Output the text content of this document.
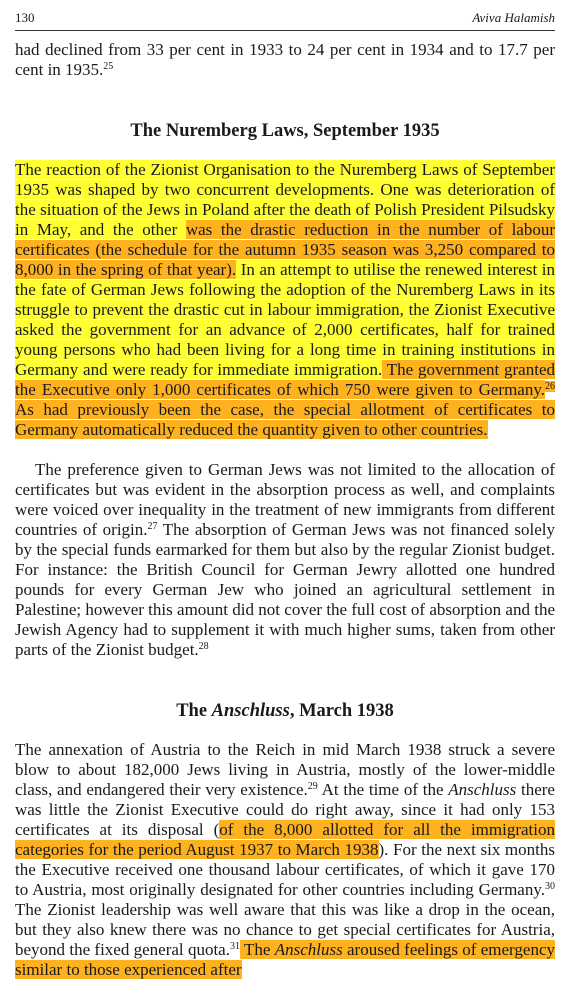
130	Aviva Halamish

had declined from 33 per cent in 1933 to 24 per cent in 1934 and to 17.7 per cent in 1935.25

The Nuremberg Laws, September 1935

The reaction of the Zionist Organisation to the Nuremberg Laws of September 1935 was shaped by two concurrent developments. One was deterioration of the situation of the Jews in Poland after the death of Polish President Pilsudsky in May, and the other was the drastic reduction in the number of labour certificates (the schedule for the autumn 1935 season was 3,250 compared to 8,000 in the spring of that year). In an attempt to utilise the renewed interest in the fate of German Jews following the adoption of the Nuremberg Laws in its struggle to prevent the drastic cut in labour immigration, the Zionist Executive asked the government for an advance of 2,000 certificates, half for trained young persons who had been living for a long time in training institutions in Germany and were ready for immediate immigration. The government granted the Executive only 1,000 certificates of which 750 were given to Germany.$^{26}$ As had previously been the case, the special allotment of certificates to Germany automatically reduced the quantity given to other countries.

The preference given to German Jews was not limited to the allocation of certificates but was evident in the absorption process as well, and complaints were voiced over inequality in the treatment of new immigrants from different countries of origin.$^{27}$ The absorption of German Jews was not financed solely by the special funds earmarked for them but also by the regular Zionist budget. For instance: the British Council for German Jewry allotted one hundred pounds for every German Jew who joined an agricultural settlement in Palestine; however this amount did not cover the full cost of absorption and the Jewish Agency had to supplement it with much higher sums, taken from other parts of the Zionist budget.$^{28}$

The Anschluss, March 1938

The annexation of Austria to the Reich in mid March 1938 struck a severe blow to about 182,000 Jews living in Austria, mostly of the lower-middle class, and endangered their very existence.$^{29}$ At the time of the Anschluss there was little the Zionist Executive could do right away, since it had only 153 certificates at its disposal (of the 8,000 allotted for all the immigration categories for the period August 1937 to March 1938). For the next six months the Executive received one thousand labour certificates, of which it gave 170 to Austria, most originally designated for other countries including Germany.$^{30}$ The Zionist leadership was well aware that this was like a drop in the ocean, but they also knew there was no chance to get special certificates for Austria, beyond the fixed general quota.$^{31}$ The Anschluss aroused feelings of emergency similar to those experienced after
